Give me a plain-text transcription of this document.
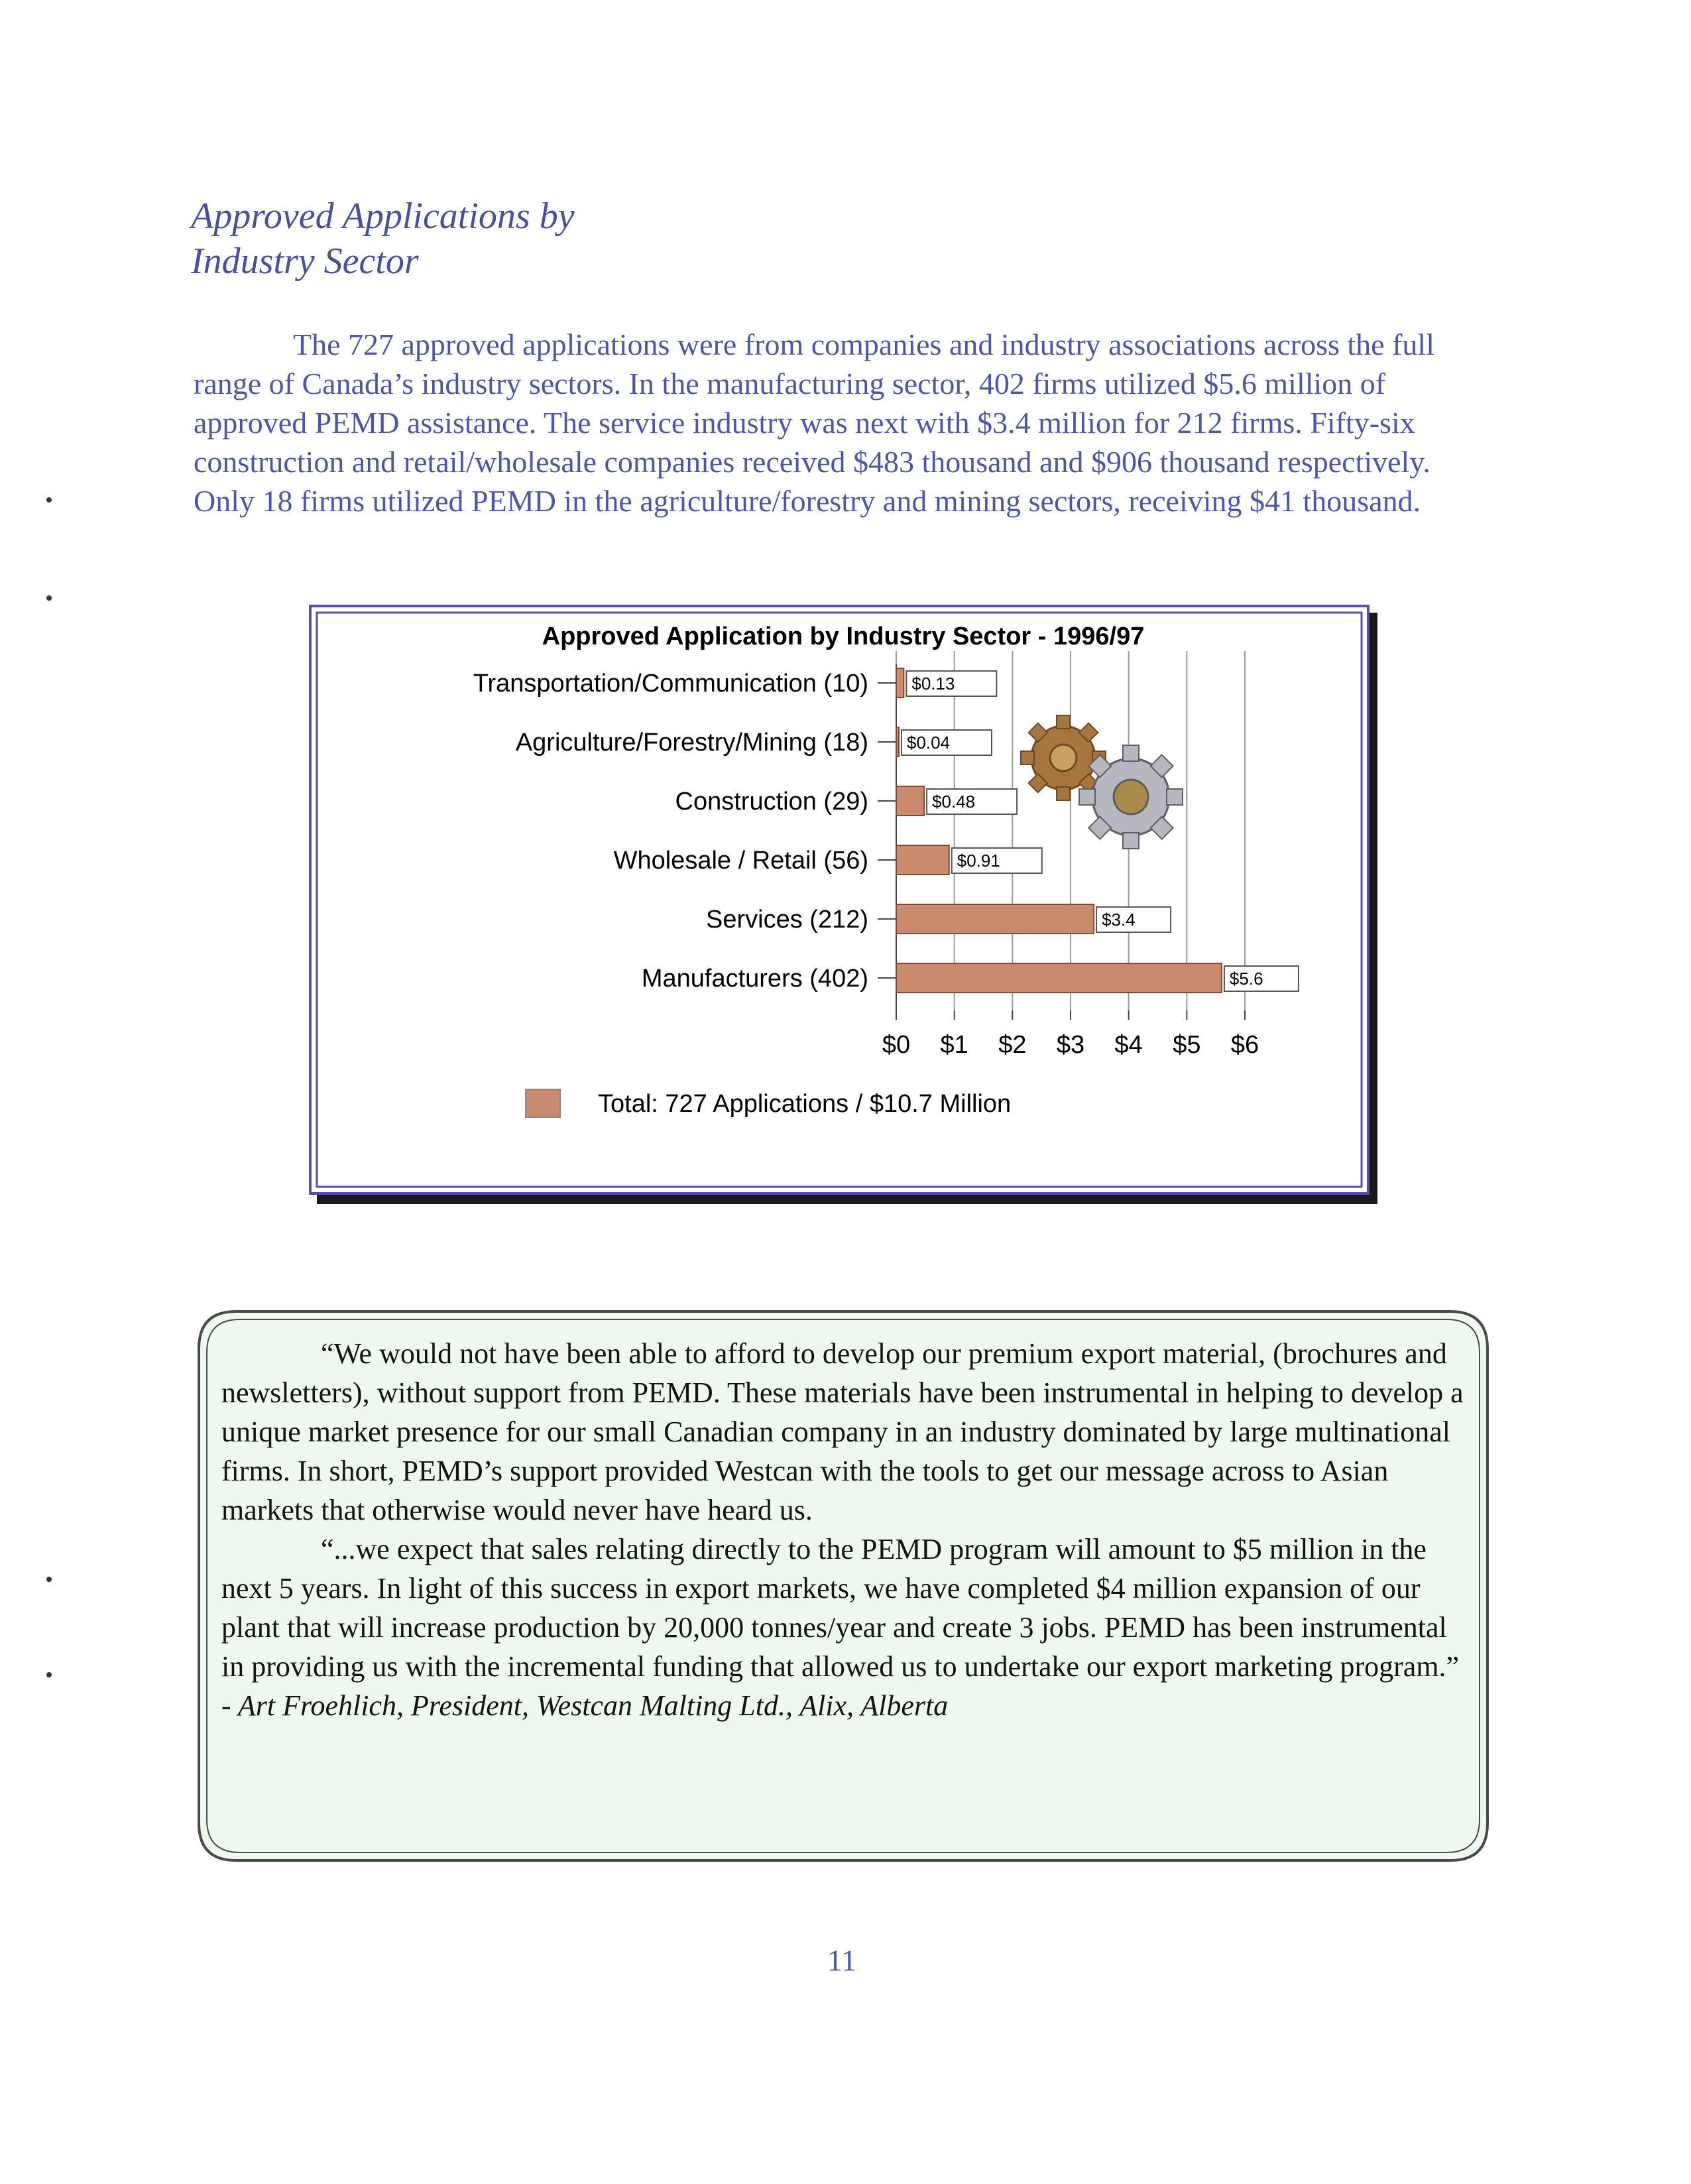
Approved Applications by
Industry Sector

The 727 approved applications were from companies and industry associations across the full range of Canada’s industry sectors. In the manufacturing sector, 402 firms utilized $5.6 million of approved PEMD assistance. The service industry was next with $3.4 million for 212 firms. Fifty-six construction and retail/wholesale companies received $483 thousand and $906 thousand respectively. Only 18 firms utilized PEMD in the agriculture/forestry and mining sectors, receiving $41 thousand.

Approved Application by Industry Sector - 1996/97
$0 $1 $2 $3 $4 $5 $6
Transportation/Communication (10)	$0.13
Agriculture/Forestry/Mining (18) $0.04
Construction (29)	$0.48
Wholesale / Retail (56)	$0.91
Services (212)	$3.4
Manufacturers (402)	$5.6
Total: 727 Applications / $10.7 Million

“We would not have been able to afford to develop our premium export material, (brochures and newsletters), without support from PEMD. These materials have been instrumental in helping to develop a unique market presence for our small Canadian company in an industry dominated by large multinational firms. In short, PEMD’s support provided Westcan with the tools to get our message across to Asian markets that otherwise would never have heard us.

“...we expect that sales relating directly to the PEMD program will amount to $5 million in the next 5 years. In light of this success in export markets, we have completed $4 million expansion of our plant that will increase production by 20,000 tonnes/year and create 3 jobs. PEMD has been instrumental in providing us with the incremental funding that allowed us to undertake our export marketing program.” - Art Froehlich, President, Westcan Malting Ltd., Alix, Alberta

11
